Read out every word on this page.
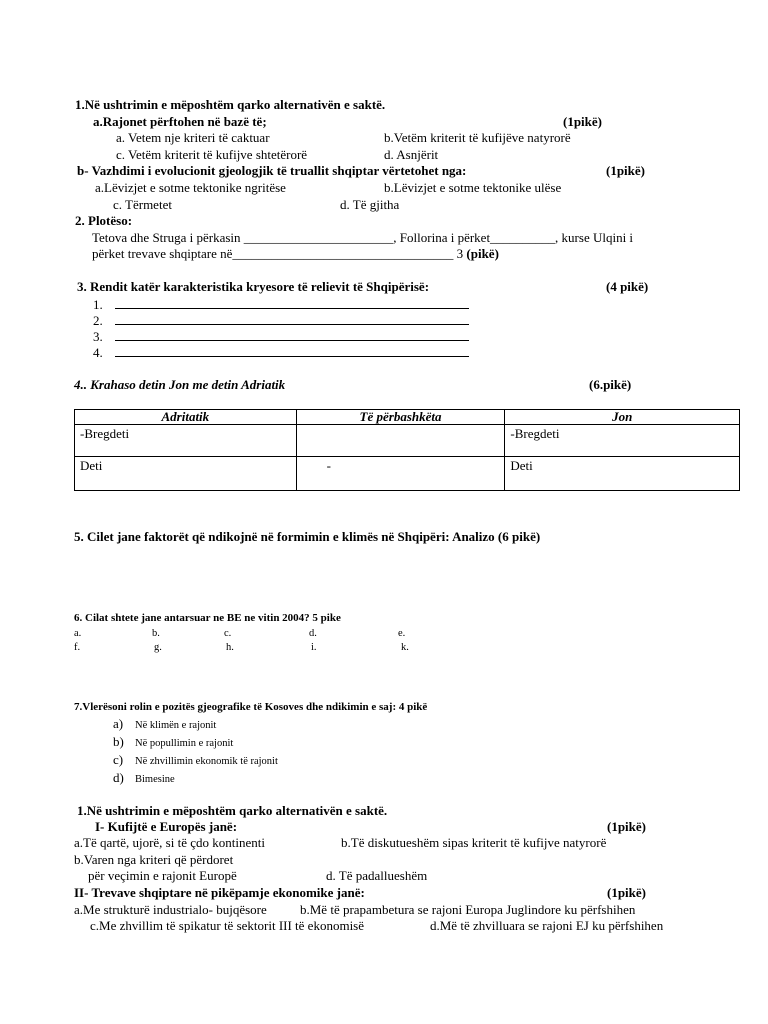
1.Në ushtrimin e mëposhtëm qarko alternativën e saktë.
a.Rajonet përftohen në bazë të;	(1pikë)
a. Vetem nje kriteri të caktuar	b.Vetëm kriterit të kufijëve natyrorë
c. Vetëm kriterit të kufijve shtetërorë	d. Asnjërit
b- Vazhdimi i evolucionit gjeologjik të truallit shqiptar vërtetohet nga:	(1pikë)
a.Lëvizjet e sotme tektonike ngritëse	b.Lëvizjet e sotme tektonike ulëse
c. Tërmetet	d. Të gjitha
2. Plotëso:
Tetova dhe Struga i përkasin _______________________, Follorina i përket__________, kurse Ulqini i
përket trevave shqiptare në__________________________________ 3 (pikë)
3. Rendit katër karakteristika kryesore të relievit të Shqipërisë:	(4 pikë)
1.
2.
3.
4.
4.. Krahaso detin Jon me detin Adriatik	(6.pikë)
Adritatik	Të përbashkëta	Jon
-Bregdeti		-Bregdeti
Deti	-	Deti
5. Cilet jane faktorët që ndikojnë në formimin e klimës në Shqipëri: Analizo (6 pikë)
6. Cilat shtete jane antarsuar ne BE ne vitin 2004? 5 pike
a.	b.	c.	d.	e.
f.	g.	h.	i.	k.
7.Vlerësoni rolin e pozitës gjeografike të Kosoves dhe ndikimin e saj: 4 pikë
a) Në klimën e rajonit
b) Në popullimin e rajonit
c) Në zhvillimin ekonomik të rajonit
d) Bimesine
1.Në ushtrimin e mëposhtëm qarko alternativën e saktë.
I- Kufijtë e Europës janë:	(1pikë)
a.Të qartë, ujorë, si të çdo kontinenti	b.Të diskutueshëm sipas kriterit të kufijve natyrorë
b.Varen nga kriteri që përdoret
për veçimin e rajonit Europë	d. Të padallueshëm
II- Trevave shqiptare në pikëpamje ekonomike janë:	(1pikë)
a.Me strukturë industrialo- bujqësore	b.Më të prapambetura se rajoni Europa Juglindore ku përfshihen
c.Me zhvillim të spikatur të sektorit III të ekonomisë	d.Më të zhvilluara se rajoni EJ ku përfshihen
